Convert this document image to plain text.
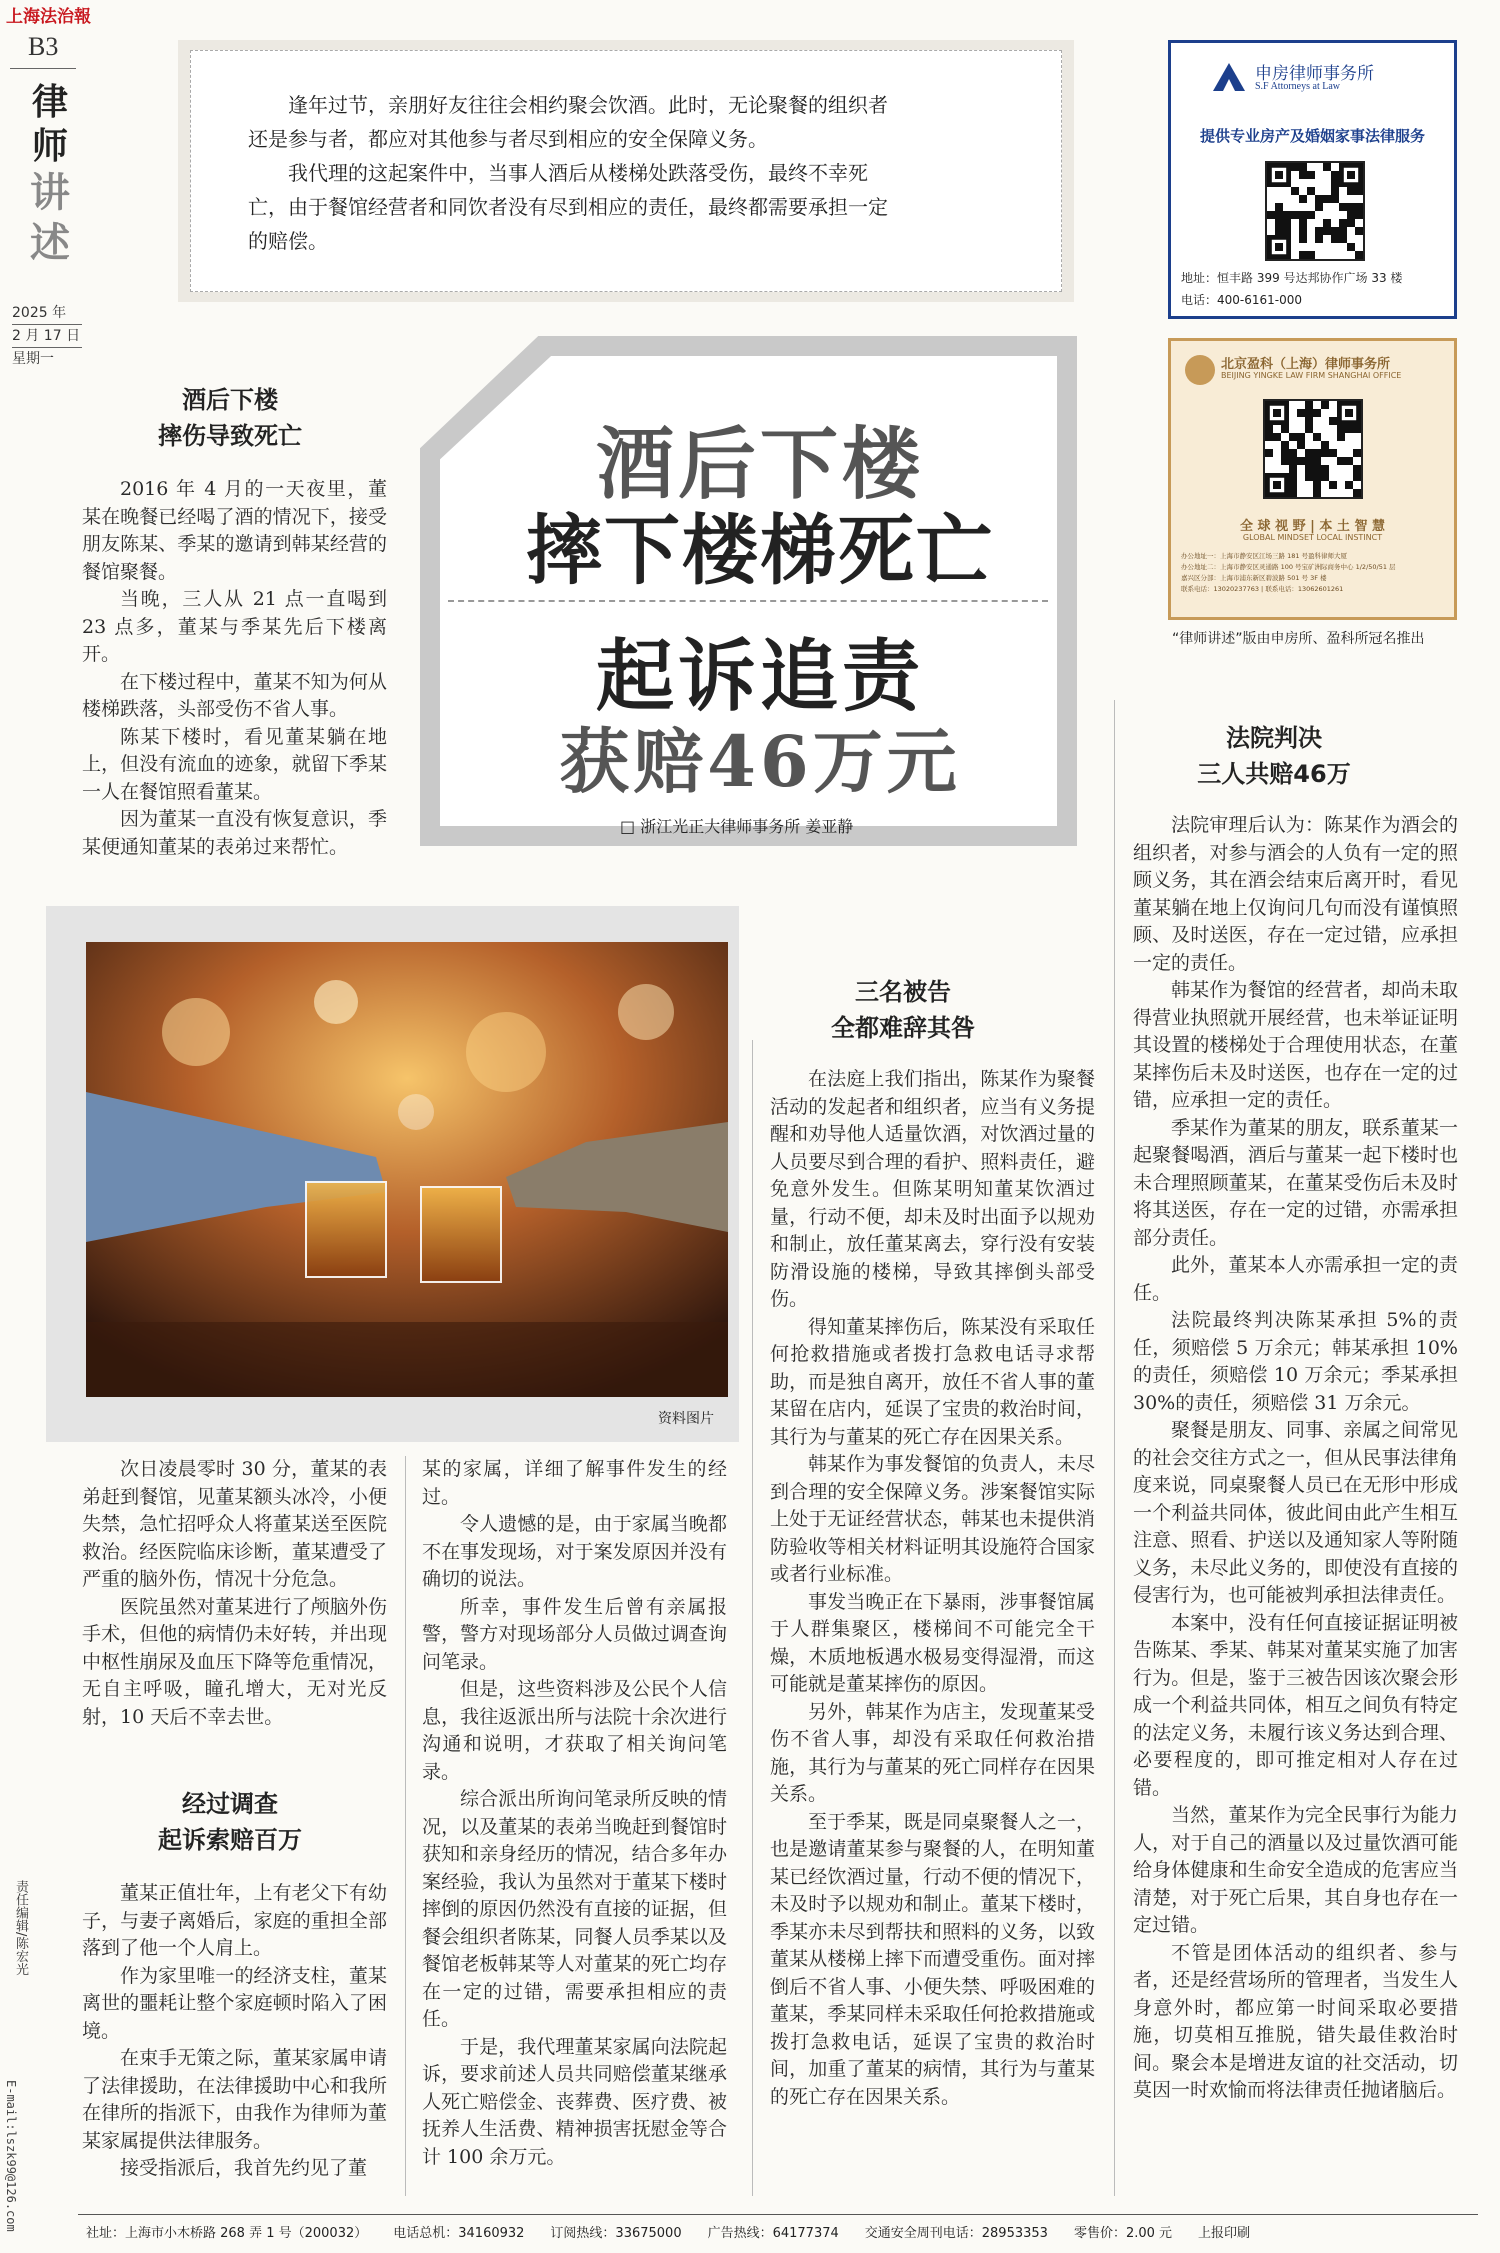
上海法治報
B3
律师
讲述
2025 年
2 月 17 日
星期一
责任编辑/陈宏光
E-mail:lszk99@126.com

逢年过节，亲朋好友往往会相约聚会饮酒。此时，无论聚餐的组织者还是参与者，都应对其他参与者尽到相应的安全保障义务。

我代理的这起案件中，当事人酒后从楼梯处跌落受伤，最终不幸死亡，由于餐馆经营者和同饮者没有尽到相应的责任，最终都需要承担一定的赔偿。

申房律师事务所
S.F Attorneys at Law
提供专业房产及婚姻家事法律服务
地址：恒丰路 399 号达邦协作广场 33 楼
电话：400-6161-000
北京盈科（上海）律师事务所
BEIJING YINGKE LAW FIRM SHANGHAI OFFICE
全 球 视 野 | 本 土 智 慧
GLOBAL MINDSET LOCAL INSTINCT
办公地址一：上海市静安区江场三路 181 号盈科律师大厦
办公地址二：上海市静安区灵通路 100 号宝矿洲际商务中心 1/2/50/51 层
嘉兴区分部：上海市浦东新区碧波路 501 号 3F 楼
联系电话：13020237763 | 联系电话：13062601261
“律师讲述”版由申房所、盈科所冠名推出
酒后下楼
摔下楼梯死亡
起诉追责
获赔46万元
□ 浙江光正大律师事务所 姜亚静
酒后下楼
摔伤导致死亡

2016 年 4 月的一天夜里，董某在晚餐已经喝了酒的情况下，接受朋友陈某、季某的邀请到韩某经营的餐馆聚餐。

当晚，三人从 21 点一直喝到 23 点多，董某与季某先后下楼离开。

在下楼过程中，董某不知为何从楼梯跌落，头部受伤不省人事。

陈某下楼时，看见董某躺在地上，但没有流血的迹象，就留下季某一人在餐馆照看董某。

因为董某一直没有恢复意识，季某便通知董某的表弟过来帮忙。

资料图片

次日凌晨零时 30 分，董某的表弟赶到餐馆，见董某额头冰冷，小便失禁，急忙招呼众人将董某送至医院救治。经医院临床诊断，董某遭受了严重的脑外伤，情况十分危急。

医院虽然对董某进行了颅脑外伤手术，但他的病情仍未好转，并出现中枢性崩尿及血压下降等危重情况，无自主呼吸，瞳孔增大，无对光反射，10 天后不幸去世。

经过调查
起诉索赔百万

董某正值壮年，上有老父下有幼子，与妻子离婚后，家庭的重担全部落到了他一个人肩上。

作为家里唯一的经济支柱，董某离世的噩耗让整个家庭顿时陷入了困境。

在束手无策之际，董某家属申请了法律援助，在法律援助中心和我所在律所的指派下，由我作为律师为董某家属提供法律服务。

接受指派后，我首先约见了董

某的家属，详细了解事件发生的经过。

令人遗憾的是，由于家属当晚都不在事发现场，对于案发原因并没有确切的说法。

所幸，事件发生后曾有亲属报警，警方对现场部分人员做过调查询问笔录。

但是，这些资料涉及公民个人信息，我往返派出所与法院十余次进行沟通和说明，才获取了相关询问笔录。

综合派出所询问笔录所反映的情况，以及董某的表弟当晚赶到餐馆时获知和亲身经历的情况，结合多年办案经验，我认为虽然对于董某下楼时摔倒的原因仍然没有直接的证据，但餐会组织者陈某，同餐人员季某以及餐馆老板韩某等人对董某的死亡均存在一定的过错，需要承担相应的责任。

于是，我代理董某家属向法院起诉，要求前述人员共同赔偿董某继承人死亡赔偿金、丧葬费、医疗费、被抚养人生活费、精神损害抚慰金等合计 100 余万元。

三名被告
全都难辞其咎

在法庭上我们指出，陈某作为聚餐活动的发起者和组织者，应当有义务提醒和劝导他人适量饮酒，对饮酒过量的人员要尽到合理的看护、照料责任，避免意外发生。但陈某明知董某饮酒过量，行动不便，却未及时出面予以规劝和制止，放任董某离去，穿行没有安装防滑设施的楼梯，导致其摔倒头部受伤。

得知董某摔伤后，陈某没有采取任何抢救措施或者拨打急救电话寻求帮助，而是独自离开，放任不省人事的董某留在店内，延误了宝贵的救治时间，其行为与董某的死亡存在因果关系。

韩某作为事发餐馆的负责人，未尽到合理的安全保障义务。涉案餐馆实际上处于无证经营状态，韩某也未提供消防验收等相关材料证明其设施符合国家或者行业标准。

事发当晚正在下暴雨，涉事餐馆属于人群集聚区，楼梯间不可能完全干燥，木质地板遇水极易变得湿滑，而这可能就是董某摔伤的原因。

另外，韩某作为店主，发现董某受伤不省人事，却没有采取任何救治措施，其行为与董某的死亡同样存在因果关系。

至于季某，既是同桌聚餐人之一，也是邀请董某参与聚餐的人，在明知董某已经饮酒过量，行动不便的情况下，未及时予以规劝和制止。董某下楼时，季某亦未尽到帮扶和照料的义务，以致董某从楼梯上摔下而遭受重伤。面对摔倒后不省人事、小便失禁、呼吸困难的董某，季某同样未采取任何抢救措施或拨打急救电话，延误了宝贵的救治时间，加重了董某的病情，其行为与董某的死亡存在因果关系。

法院判决
三人共赔46万

法院审理后认为：陈某作为酒会的组织者，对参与酒会的人负有一定的照顾义务，其在酒会结束后离开时，看见董某躺在地上仅询问几句而没有谨慎照顾、及时送医，存在一定过错，应承担一定的责任。

韩某作为餐馆的经营者，却尚未取得营业执照就开展经营，也未举证证明其设置的楼梯处于合理使用状态，在董某摔伤后未及时送医，也存在一定的过错，应承担一定的责任。

季某作为董某的朋友，联系董某一起聚餐喝酒，酒后与董某一起下楼时也未合理照顾董某，在董某受伤后未及时将其送医，存在一定的过错，亦需承担部分责任。

此外，董某本人亦需承担一定的责任。

法院最终判决陈某承担 5%的责任，须赔偿 5 万余元；韩某承担 10%的责任，须赔偿 10 万余元；季某承担 30%的责任，须赔偿 31 万余元。

聚餐是朋友、同事、亲属之间常见的社会交往方式之一，但从民事法律角度来说，同桌聚餐人员已在无形中形成一个利益共同体，彼此间由此产生相互注意、照看、护送以及通知家人等附随义务，未尽此义务的，即使没有直接的侵害行为，也可能被判承担法律责任。

本案中，没有任何直接证据证明被告陈某、季某、韩某对董某实施了加害行为。但是，鉴于三被告因该次聚会形成一个利益共同体，相互之间负有特定的法定义务，未履行该义务达到合理、必要程度的，即可推定相对人存在过错。

当然，董某作为完全民事行为能力人，对于自己的酒量以及过量饮酒可能给身体健康和生命安全造成的危害应当清楚，对于死亡后果，其自身也存在一定过错。

不管是团体活动的组织者、参与者，还是经营场所的管理者，当发生人身意外时，都应第一时间采取必要措施，切莫相互推脱，错失最佳救治时间。聚会本是增进友谊的社交活动，切莫因一时欢愉而将法律责任抛诸脑后。

社址：上海市小木桥路 268 弄 1 号（200032） 电话总机：34160932 订阅热线：33675000 广告热线：64177374 交通安全周刊电话：28953353 零售价：2.00 元 上报印刷
